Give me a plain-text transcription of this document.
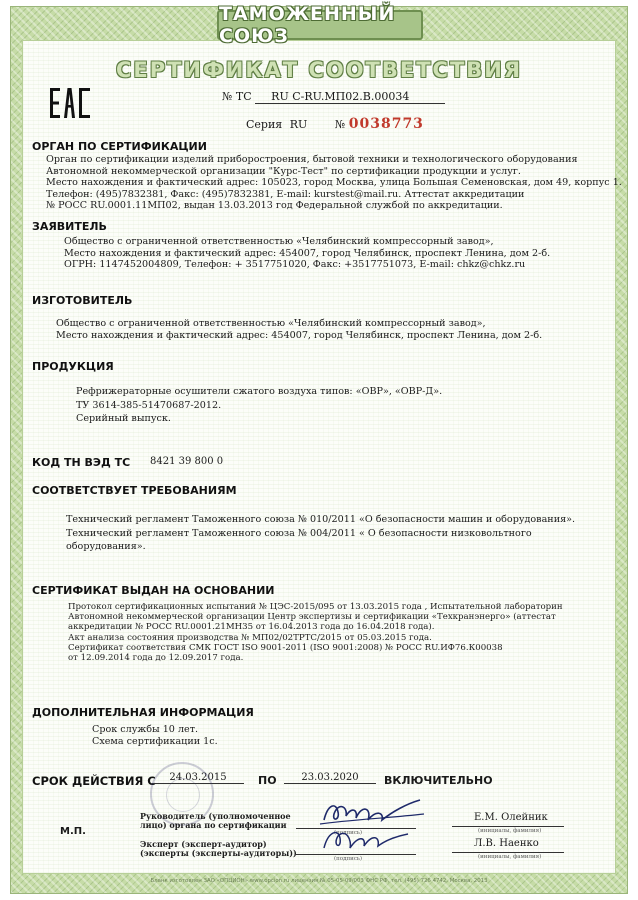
ТАМОЖЕННЫЙ СОЮЗ
СЕРТИФИКАТ СООТВЕТСТВИЯ
№ ТС RU C-RU.МП02.В.00034
Серия RU	№ 0038773
ОРГАН ПО СЕРТИФИКАЦИИ
Орган по сертификации изделий приборостроения, бытовой техники и технологического оборудования
Автономной некоммерческой организации "Курс-Тест" по сертификации продукции и услуг.
Место нахождения и фактический адрес: 105023, город Москва, улица Большая Семеновская, дом 49, корпус 1.
Телефон: (495)7832381, Факс: (495)7832381, E-mail: kurstest@mail.ru. Аттестат аккредитации
№ РОСС RU.0001.11МП02, выдан 13.03.2013 год Федеральной службой по аккредитации.
ЗАЯВИТЕЛЬ
Общество с ограниченной ответственностью «Челябинский компрессорный завод»,
Место нахождения и фактический адрес: 454007, город Челябинск, проспект Ленина, дом 2-б.
ОГРН: 1147452004809, Телефон: + 3517751020, Факс: +3517751073, E-mail: chkz@chkz.ru
ИЗГОТОВИТЕЛЬ
Общество с ограниченной ответственностью «Челябинский компрессорный завод»,
Место нахождения и фактический адрес: 454007, город Челябинск, проспект Ленина, дом 2-б.
ПРОДУКЦИЯ
Рефрижераторные осушители сжатого воздуха типов: «ОВР», «ОВР-Д».
ТУ 3614-385-51470687-2012.
Серийный выпуск.
КОД ТН ВЭД ТС 8421 39 800 0
СООТВЕТСТВУЕТ ТРЕБОВАНИЯМ
Технический регламент Таможенного союза № 010/2011 «О безопасности машин и оборудования».
Технический регламент Таможенного союза № 004/2011 « О безопасности низковольтного
оборудования».
СЕРТИФИКАТ ВЫДАН НА ОСНОВАНИИ
Протокол сертификационных испытаний № ЦЭС-2015/095 от 13.03.2015 года , Испытательной лабораторин
Автономной некоммерческой организации Центр экспертизы и сертификации «Техкранэнерго» (аттестат
аккредитации № РОСС RU.0001.21МН35 от 16.04.2013 года до 16.04.2018 года).
Акт анализа состояния производства № МП02/02ТРТС/2015 от 05.03.2015 года.
Сертификат соответствия СМК ГОСТ ISO 9001-2011 (ISO 9001:2008) № РОСС RU.ИФ76.К00038
от 12.09.2014 года до 12.09.2017 года.
ДОПОЛНИТЕЛЬНАЯ ИНФОРМАЦИЯ
Срок службы 10 лет.
Схема сертификации 1с.
СРОК ДЕЙСТВИЯ С	24.03.2015	ПО	23.03.2020	ВКЛЮЧИТЕЛЬНО
М.П.
Руководитель (уполномоченное
лицо) органа по сертификации
(подпись)
Е.М. Олейник
(инициалы, фамилия)
Эксперт (эксперт-аудитор)
(эксперты (эксперты-аудиторы))
(подпись)
Л.В. Наенко
(инициалы, фамилия)
Бланк изготовлен ЗАО «ОПЦИОН» www.opcion.ru лицензия № 05-05-09/003 ФНС РФ, тел. (495) 726 4742, Москва, 2013
